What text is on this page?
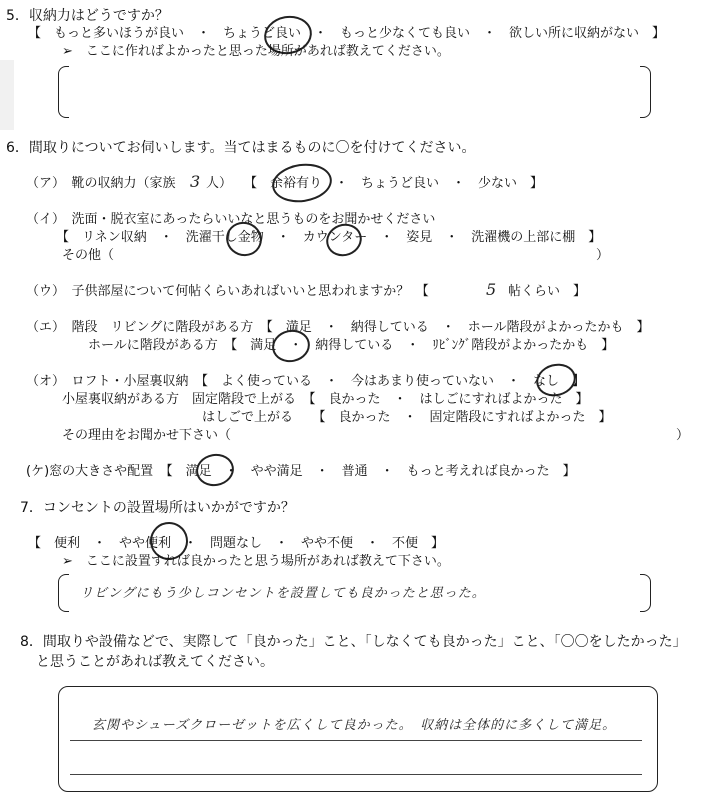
5．収納力はどうですか？
【　もっと多いほうが良い　・　ちょうど良い　・　もっと少なくても良い　・　欲しい所に収納がない　】
➢　ここに作ればよかったと思った場所があれば教えてください。
6．間取りについてお伺いします。当てはまるものに〇を付けてください。
（ア）　靴の収納力（家族 3 人） 【　余裕有り　・　ちょうど良い　・　少ない　】
（イ）　洗面・脱衣室にあったらいいなと思うものをお聞かせください
【　リネン収納　・　洗濯干し金物　・　カウンター　・　姿見　・　洗濯機の上部に棚　】
その他（	）
（ウ）　子供部屋について何帖くらいあればいいと思われますか？　【	5 帖くらい　】
（エ）　階段　リビングに階段がある方　【　満足　・　納得している　・　ホール階段がよかったかも　】
ホールに階段がある方　【　満足　・　納得している　・　ﾘﾋﾞﾝｸﾞ階段がよかったかも　】
（オ）　ロフト・小屋裏収納　【　よく使っている　・　今はあまり使っていない　・　なし　】
小屋裏収納がある方　固定階段で上がる　【　良かった　・　はしごにすればよかった　】
はしごで上がる　　【　良かった　・　固定階段にすればよかった　】
その理由をお聞かせ下さい（	）
(ケ)窓の大きさや配置　【　満足　・　やや満足　・　普通　・　もっと考えれば良かった　】
7．コンセントの設置場所はいかがですか？
【　便利　・　やや便利　・　問題なし　・　やや不便　・　不便　】
➢　ここに設置すれば良かったと思う場所があれば教えて下さい。
リビングにもう少しコンセントを設置しても良かったと思った。
8．間取りや設備などで、実際して「良かった」こと、「しなくても良かった」こと、「〇〇をしたかった」
と思うことがあれば教えてください。
玄関やシューズクローゼットを広くして良かった。　収納は全体的に多くして満足。
